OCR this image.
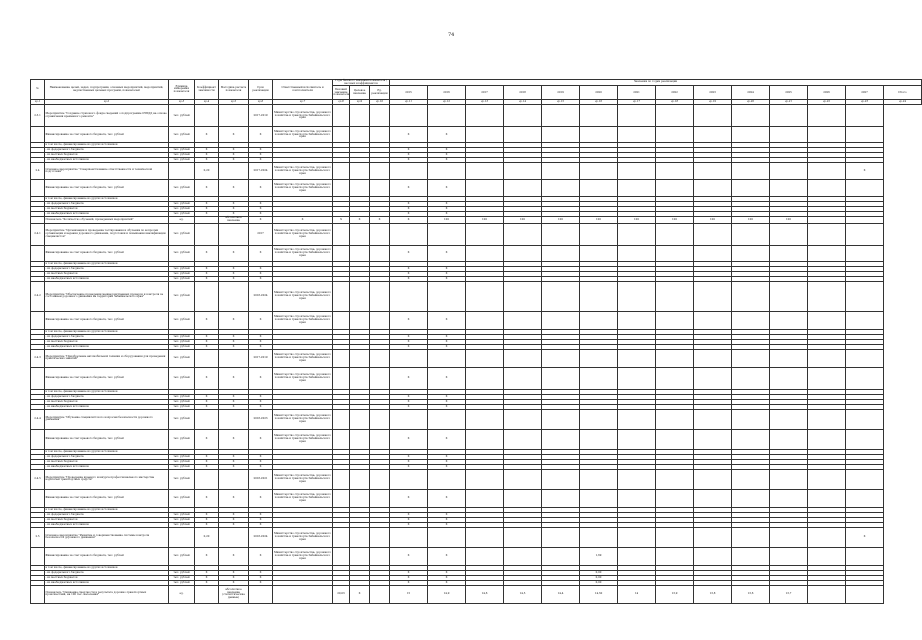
74
№	Наименование целей, задач, подпрограмм, основных мероприятий, мероприятий, ведомственных целевых программ, показателей	Единица измерения показателя	Коэффициент значимости	Методика расчета показателя	Срок реализации	Ответственный исполнитель и соисполнители	Годы базового значения показателя / весовых коэффициентов			Значения по годам реализации													
							Базовый значение показателя	Целевое значение	Ед. реализации	2015	2016	2017	2018	2019	2020	2021	2022	2023	2024	2025	2026	2027	Итого
гр.1	гр.2	гр.3	гр.4	гр.5	гр.6	гр.7	гр.8	гр.9	гр.10	гр.11	гр.12	гр.13	гр.14	гр.15	гр.16	гр.17	гр.18	гр.19	гр.20	гр.21	гр.22	гр.23	гр.24
2.3.1	Мероприятие "Создание страхового фонда сведений о подпрограмме ОУБДД на основе ограничения временного ремонта"	тыс. рублей			2017-2019	Министерство строительства, дорожного хозяйства и транспорта Забайкальского края																	
	Финансирование за счет краевого бюджета, тыс. рублей	тыс. рублей	Х	Х	Х	Министерство строительства, дорожного хозяйства и транспорта Забайкальского края				Х	Х												
	в том числе, финансирование из других источников																						
	- из федерального бюджета	тыс. рублей	Х	Х	Х					Х	Х												
	- из местных бюджетов	тыс. рублей	Х	Х	Х					Х	Х												
	- из внебюджетных источников	тыс. рублей	Х	Х	Х					Х	Х												
2.4	Основное мероприятие "Совершенствование ответственности и технической подготовки"		0,20		2017-2024	Министерство строительства, дорожного хозяйства и транспорта Забайкальского края																Х	
	Финансирование за счет краевого бюджета, тыс. рублей	тыс. рублей	Х	Х	Х	Министерство строительства, дорожного хозяйства и транспорта Забайкальского края				Х	Х												
	в том числе, финансирование из других источников																						
	- из федерального бюджета	тыс. рублей	Х	Х	Х					Х	Х												
	- из местных бюджетов	тыс. рублей	Х	Х	Х					Х	Х												
	- из внебюджетных источников	тыс. рублей	Х	Х	Х					Х	Х												
	Показатель "Количество обучений, проведенных мероприятий"	ед.		абсолютное значение	Х	Х	Х	Х	Х	Х	100	100	100	100	100	100	100	100	100	100			
2.4.1	Мероприятие "Организация и проведение тестирования и обучения по вопросам организации и ведения дорожного движения, подготовки и повышения квалификации специалистов"	тыс. рублей			2017	Министерство строительства, дорожного хозяйства и транспорта Забайкальского края																	
	Финансирование за счет краевого бюджета, тыс. рублей	тыс. рублей	Х	Х	Х	Министерство строительства, дорожного хозяйства и транспорта Забайкальского края				Х	Х												
	в том числе, финансирование из других источников																						
	- из федерального бюджета	тыс. рублей	Х	Х	Х					Х	Х												
	- из местных бюджетов	тыс. рублей	Х	Х	Х					Х	Х												
	- из внебюджетных источников	тыс. рублей	Х	Х	Х					Х	Х												
2.4.2	Мероприятие "Обеспечение проведения межведомственных проверок и контроля за состоянием дорожного движения на территории Забайкальского края"	тыс. рублей			2018-2024	Министерство строительства, дорожного хозяйства и транспорта Забайкальского края																	
	Финансирование за счет краевого бюджета, тыс. рублей	тыс. рублей	Х	Х	Х	Министерство строительства, дорожного хозяйства и транспорта Забайкальского края				Х	Х												
	в том числе, финансирование из других источников																						
	- из федерального бюджета	тыс. рублей	Х	Х	Х					Х	Х												
	- из местных бюджетов	тыс. рублей	Х	Х	Х					Х	Х												
	- из внебюджетных источников	тыс. рублей	Х	Х	Х					Х	Х												
2.4.3	Мероприятие "Приобретение автомобильной техники и оборудования для проведения практических занятий"	тыс. рублей			2017-2019	Министерство строительства, дорожного хозяйства и транспорта Забайкальского края																	
	Финансирование за счет краевого бюджета, тыс. рублей	тыс. рублей	Х	Х	Х	Министерство строительства, дорожного хозяйства и транспорта Забайкальского края				Х	Х												
	в том числе, финансирование из других источников																						
	- из федерального бюджета	тыс. рублей	Х	Х	Х					Х	Х												
	- из местных бюджетов	тыс. рублей	Х	Х	Х					Х	Х												
	- из внебюджетных источников	тыс. рублей	Х	Х	Х					Х	Х												
2.4.4	Мероприятие "Обучение специалистов по вопросам безопасности дорожного движения"	тыс. рублей			2018-2023	Министерство строительства, дорожного хозяйства и транспорта Забайкальского края																	
	Финансирование за счет краевого бюджета, тыс. рублей	тыс. рублей	Х	Х	Х	Министерство строительства, дорожного хозяйства и транспорта Забайкальского края				Х	Х												
	в том числе, финансирование из других источников																						
	- из федерального бюджета	тыс. рублей	Х	Х	Х					Х	Х												
	- из местных бюджетов	тыс. рублей	Х	Х	Х					Х	Х												
	- из внебюджетных источников	тыс. рублей	Х	Х	Х					Х	Х												
2.4.5	Мероприятие "Проведение краевого конкурса профессионального мастерства водителей транспортных средств"	тыс. рублей			2018-2021	Министерство строительства, дорожного хозяйства и транспорта Забайкальского края																	
	Финансирование за счет краевого бюджета, тыс. рублей	тыс. рублей	Х	Х	Х	Министерство строительства, дорожного хозяйства и транспорта Забайкальского края				Х	Х												
	в том числе, финансирование из других источников																						
	- из федерального бюджета	тыс. рублей	Х	Х	Х					Х	Х												
	- из местных бюджетов	тыс. рублей	Х	Х	Х					Х	Х												
	- из внебюджетных источников	тыс. рублей	Х	Х	Х					Х	Х												
2.5	Основное мероприятие "Развитие и совершенствование системы контроля безопасности дорожного движения"		0,20		2018-2024	Министерство строительства, дорожного хозяйства и транспорта Забайкальского края																Х	
	Финансирование за счет краевого бюджета, тыс. рублей	тыс. рублей	Х	Х	Х	Министерство строительства, дорожного хозяйства и транспорта Забайкальского края				Х	Х				1,69								
	в том числе, финансирование из других источников																						
	- из федерального бюджета	тыс. рублей	Х	Х	Х					Х	Х				0,00								
	- из местных бюджетов	тыс. рублей	Х	Х	Х					Х	Х				0,00								
	- из внебюджетных источников	тыс. рублей	Х	Х	Х					Х	Х				0,00								
	Показатель "Снижение смертности в результате дорожно-транспортных происшествий, на 100 тыс. населения"	ед.		абсолютное значение (статистические данные)			20,03	Х		15	14,9	14,6	14,5	14,4	14,30	14	13,9	13,8	13,6	13,7			
